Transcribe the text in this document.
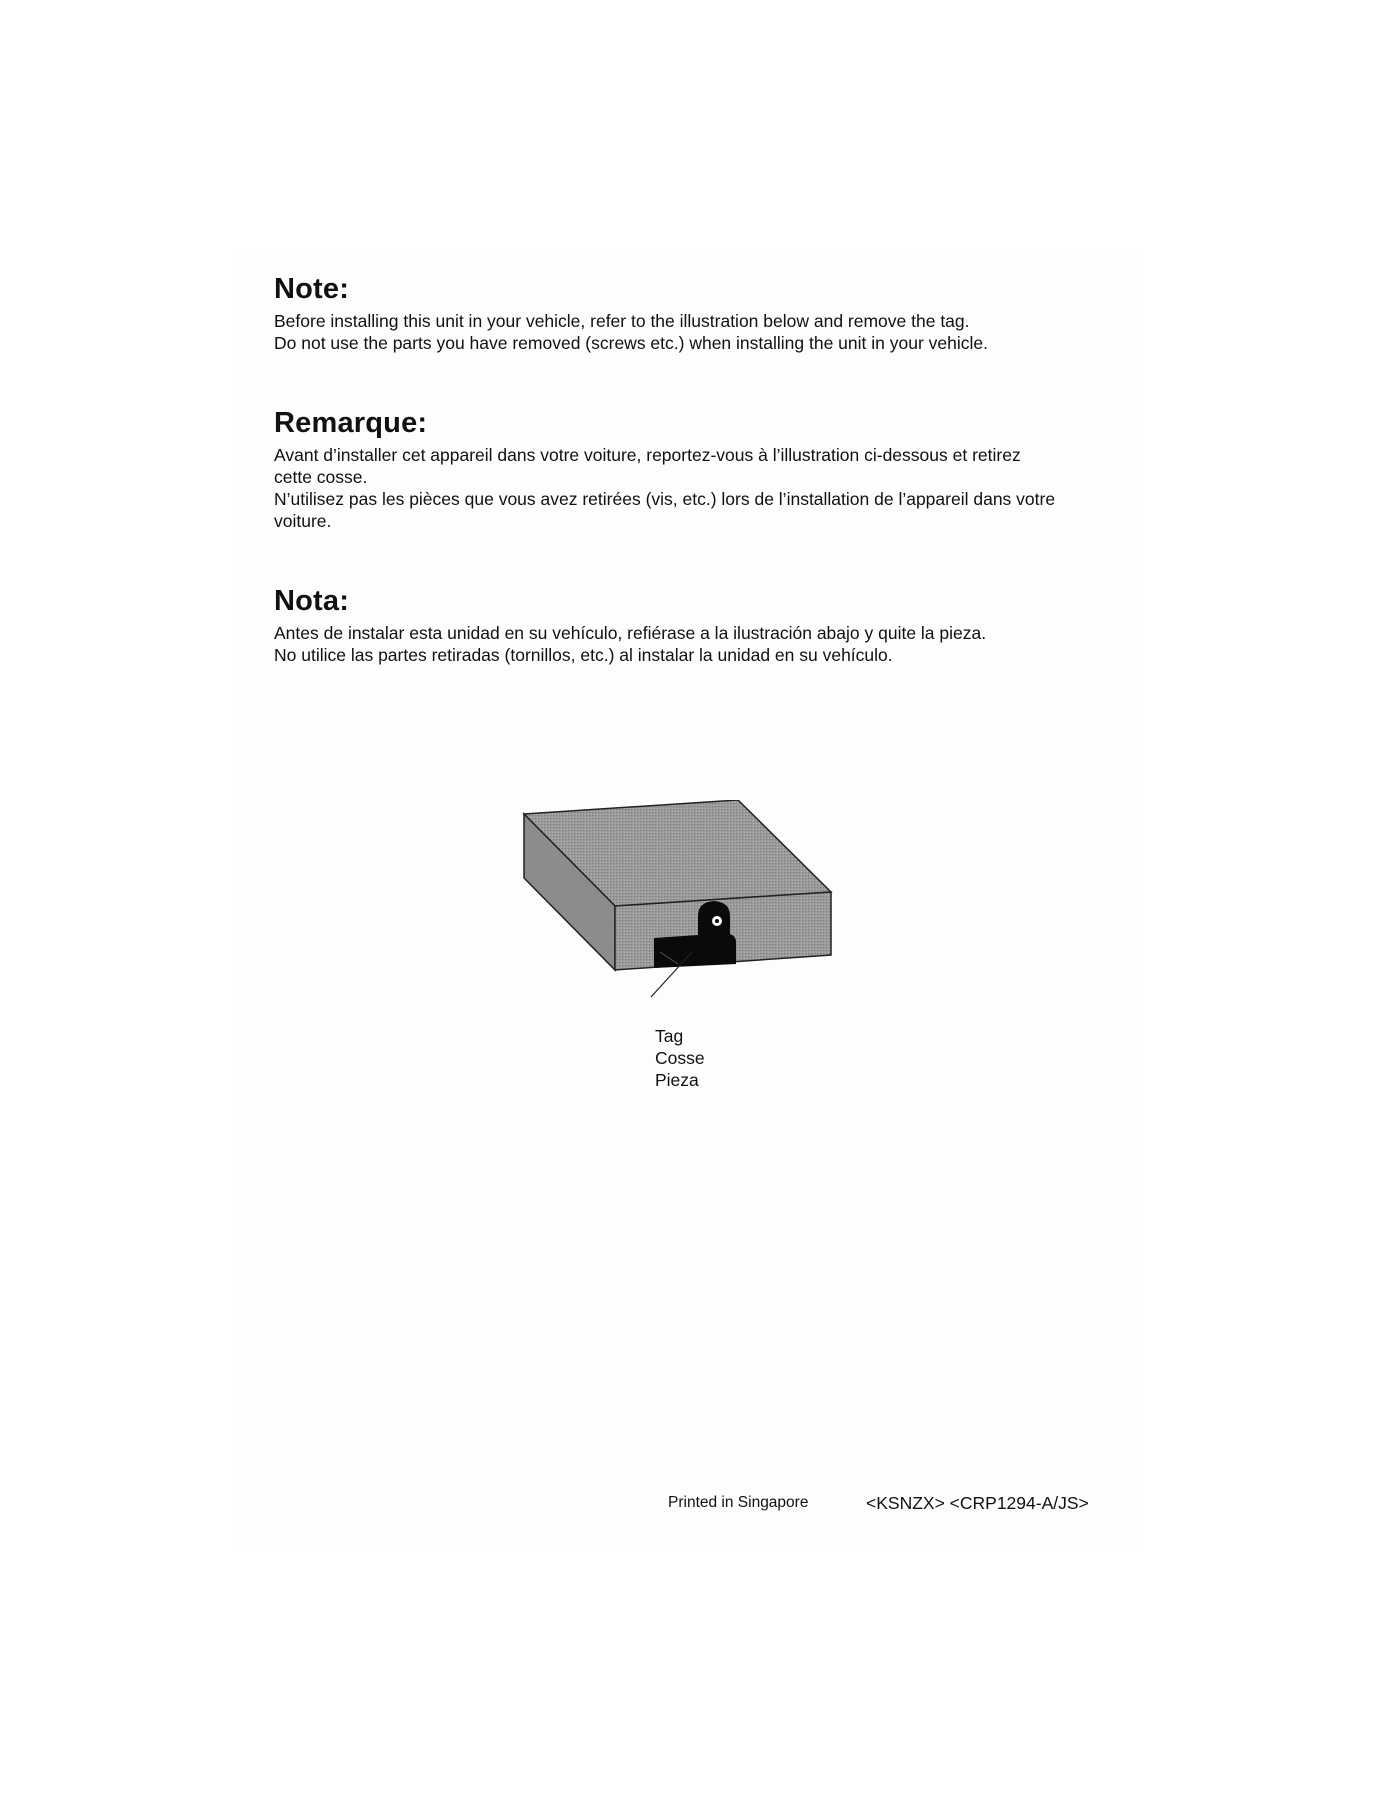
Note:

Before installing this unit in your vehicle, refer to the illustration below and remove the tag.

Do not use the parts you have removed (screws etc.) when installing the unit in your vehicle.

Remarque:

Avant d’installer cet appareil dans votre voiture, reportez-vous à l’illustration ci-dessous et retirez

cette cosse.

N’utilisez pas les pièces que vous avez retirées (vis, etc.) lors de l’installation de l’appareil dans votre

voiture.

Nota:

Antes de instalar esta unidad en su vehículo, refiérase a la ilustración abajo y quite la pieza.

No utilice las partes retiradas (tornillos, etc.) al instalar la unidad en su vehículo.

Tag
Cosse
Pieza
Printed in Singapore	<KSNZX> <CRP1294-A/JS>
